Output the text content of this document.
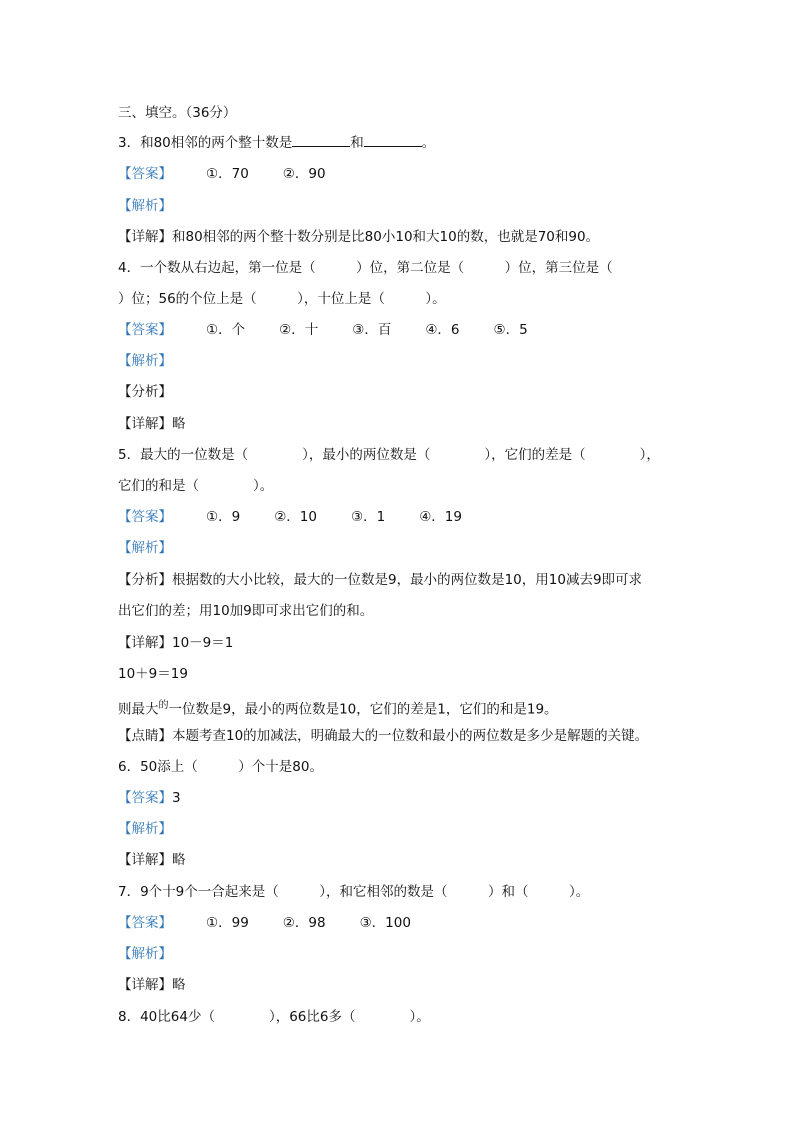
三、填空。（36分）
3．和80相邻的两个整十数是	和	。
【答案】	①．70	②．90
【解析】
【详解】和80相邻的两个整十数分别是比80小10和大10的数，也就是70和90。
4．一个数从右边起，第一位是（　　　）位，第二位是（　　　）位，第三位是（
）位；56的个位上是（　　　），十位上是（　　　）。
【答案】	①．个	②．十	③．百	④．6	⑤．5
【解析】
【分析】
【详解】略
5．最大的一位数是（　　　　），最小的两位数是（　　　　），它们的差是（　　　　），
它们的和是（　　　　）。
【答案】	①．9	②．10	③．1	④．19
【解析】
【分析】根据数的大小比较，最大的一位数是9，最小的两位数是10，用10减去9即可求
出它们的差；用10加9即可求出它们的和。
【详解】10－9＝1
10＋9＝19
则最大$^的$一位数是9，最小的两位数是10，它们的差是1，它们的和是19。
【点睛】本题考查10的加减法，明确最大的一位数和最小的两位数是多少是解题的关键。
6．50添上（　　　）个十是80。
【答案】3
【解析】
【详解】略
7．9个十9个一合起来是（　　　），和它相邻的数是（　　　）和（　　　）。
【答案】	①．99	②．98	③．100
【解析】
【详解】略
8．40比64少（　　　　），66比6多（　　　　）。
